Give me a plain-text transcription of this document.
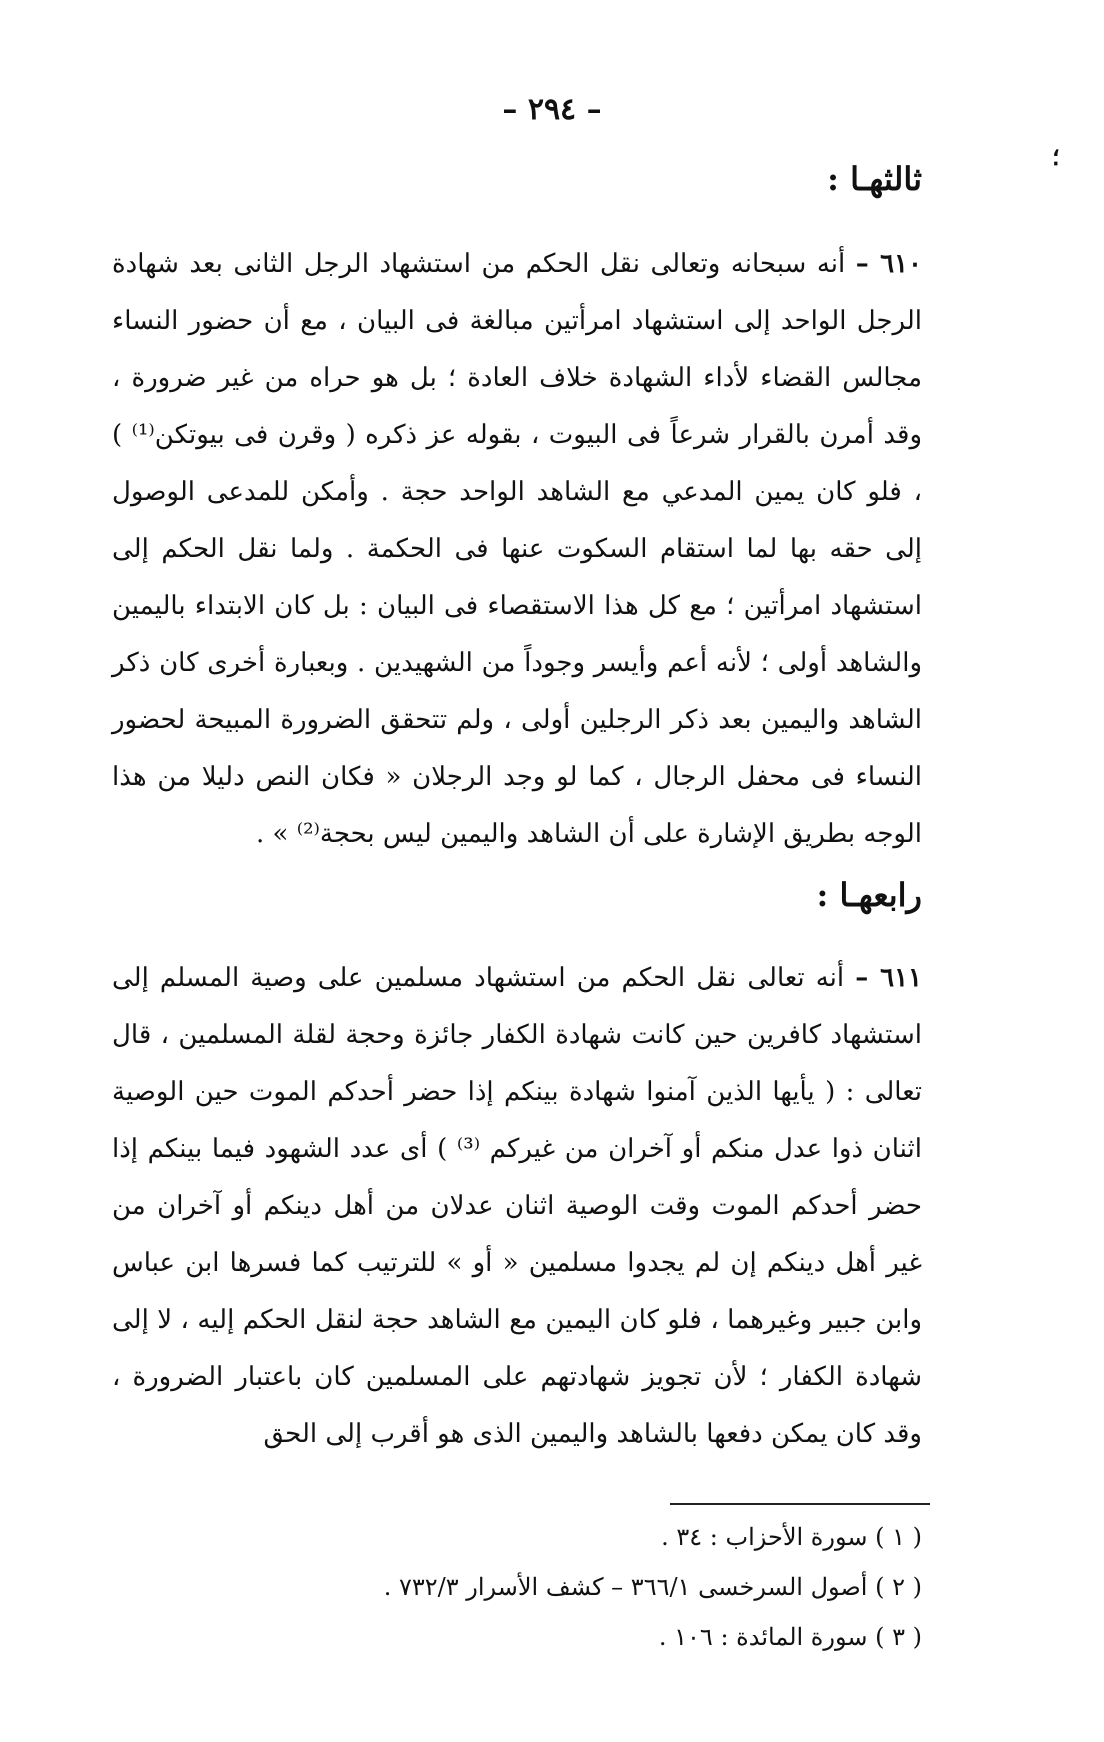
– ٢٩٤ –
؛
ثالثهـا :

٦١٠ – أنه سبحانه وتعالى نقل الحكم من استشهاد الرجل الثانى بعد شهادة الرجل الواحد إلى استشهاد امرأتين مبالغة فى البيان ، مع أن حضور النساء مجالس القضاء لأداء الشهادة خلاف العادة ؛ بل هو حراه من غير ضرورة ، وقد أمرن بالقرار شرعاً فى البيوت ، بقوله عز ذكره ( وقرن فى بيوتكن⁽¹⁾ ) ، فلو كان يمين المدعي مع الشاهد الواحد حجة . وأمكن للمدعى الوصول إلى حقه بها لما استقام السكوت عنها فى الحكمة . ولما نقل الحكم إلى استشهاد امرأتين ؛ مع كل هذا الاستقصاء فى البيان : بل كان الابتداء باليمين والشاهد أولى ؛ لأنه أعم وأيسر وجوداً من الشهيدين . وبعبارة أخرى كان ذكر الشاهد واليمين بعد ذكر الرجلين أولى ، ولم تتحقق الضرورة المبيحة لحضور النساء فى محفل الرجال ، كما لو وجد الرجلان « فكان النص دليلا من هذا الوجه بطريق الإشارة على أن الشاهد واليمين ليس بحجة⁽²⁾ » .

رابعهـا :

٦١١ – أنه تعالى نقل الحكم من استشهاد مسلمين على وصية المسلم إلى استشهاد كافرين حين كانت شهادة الكفار جائزة وحجة لقلة المسلمين ، قال تعالى : ( يأيها الذين آمنوا شهادة بينكم إذا حضر أحدكم الموت حين الوصية اثنان ذوا عدل منكم أو آخران من غيركم ⁽³⁾ ) أى عدد الشهود فيما بينكم إذا حضر أحدكم الموت وقت الوصية اثنان عدلان من أهل دينكم أو آخران من غير أهل دينكم إن لم يجدوا مسلمين « أو » للترتيب كما فسرها ابن عباس وابن جبير وغيرهما ، فلو كان اليمين مع الشاهد حجة لنقل الحكم إليه ، لا إلى شهادة الكفار ؛ لأن تجويز شهادتهم على المسلمين كان باعتبار الضرورة ، وقد كان يمكن دفعها بالشاهد واليمين الذى هو أقرب إلى الحق

( ١ ) سورة الأحزاب : ٣٤ .
( ٢ ) أصول السرخسى ٣٦٦/١ – كشف الأسرار ٧٣٢/٣ .
( ٣ ) سورة المائدة : ١٠٦ .
